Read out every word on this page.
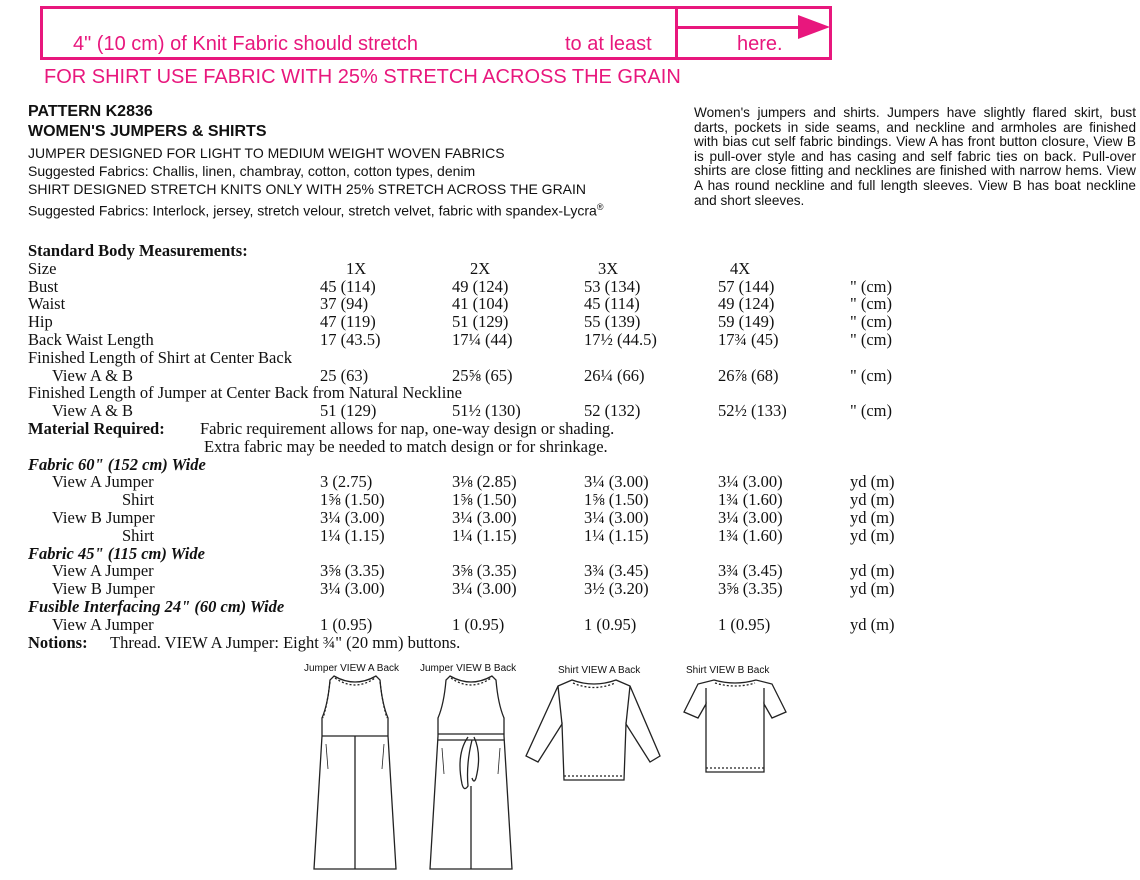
4" (10 cm) of Knit Fabric should stretch	to at least	here.
FOR SHIRT USE FABRIC WITH 25% STRETCH ACROSS THE GRAIN
PATTERN K2836
WOMEN'S JUMPERS & SHIRTS
JUMPER DESIGNED FOR LIGHT TO MEDIUM WEIGHT WOVEN FABRICS
Suggested Fabrics: Challis, linen, chambray, cotton, cotton types, denim
SHIRT DESIGNED STRETCH KNITS ONLY WITH 25% STRETCH ACROSS THE GRAIN
Suggested Fabrics: Interlock, jersey, stretch velour, stretch velvet, fabric with spandex-Lycra®
Women's jumpers and shirts. Jumpers have slightly flared skirt, bust darts, pockets in side seams, and neckline and armholes are finished with bias cut self fabric bindings. View A has front button closure, View B is pull-over style and has casing and self fabric ties on back. Pull-over shirts are close fitting and necklines are finished with narrow hems. View A has round neckline and full length sleeves. View B has boat neckline and short sleeves.
Standard Body Measurements:
Size	1X	2X	3X	4X
Bust	45 (114)	49 (124)	53 (134)	57 (144)	" (cm)
Waist	37 (94)	41 (104)	45 (114)	49 (124)	" (cm)
Hip	47 (119)	51 (129)	55 (139)	59 (149)	" (cm)
Back Waist Length	17 (43.5)	17¼ (44)	17½ (44.5)	17¾ (45)	" (cm)
Finished Length of Shirt at Center Back
View A & B	25 (63)	25⅝ (65)	26¼ (66)	26⅞ (68)	" (cm)
Finished Length of Jumper at Center Back from Natural Neckline
View A & B	51 (129)	51½ (130)	52 (132)	52½ (133)	" (cm)
Material Required: Fabric requirement allows for nap, one-way design or shading.
Extra fabric may be needed to match design or for shrinkage.
Fabric 60" (152 cm) Wide
View A Jumper	3 (2.75)	3⅛ (2.85)	3¼ (3.00)	3¼ (3.00)	yd (m)
Shirt	1⅝ (1.50)	1⅝ (1.50)	1⅝ (1.50)	1¾ (1.60)	yd (m)
View B Jumper	3¼ (3.00)	3¼ (3.00)	3¼ (3.00)	3¼ (3.00)	yd (m)
Shirt	1¼ (1.15)	1¼ (1.15)	1¼ (1.15)	1¾ (1.60)	yd (m)
Fabric 45" (115 cm) Wide
View A Jumper	3⅝ (3.35)	3⅝ (3.35)	3¾ (3.45)	3¾ (3.45)	yd (m)
View B Jumper	3¼ (3.00)	3¼ (3.00)	3½ (3.20)	3⅝ (3.35)	yd (m)
Fusible Interfacing 24" (60 cm) Wide
View A Jumper	1 (0.95)	1 (0.95)	1 (0.95)	1 (0.95)	yd (m)
Notions: Thread. VIEW A Jumper: Eight ¾" (20 mm) buttons.
Jumper VIEW A Back Jumper VIEW B Back	Shirt VIEW A Back	Shirt VIEW B Back
